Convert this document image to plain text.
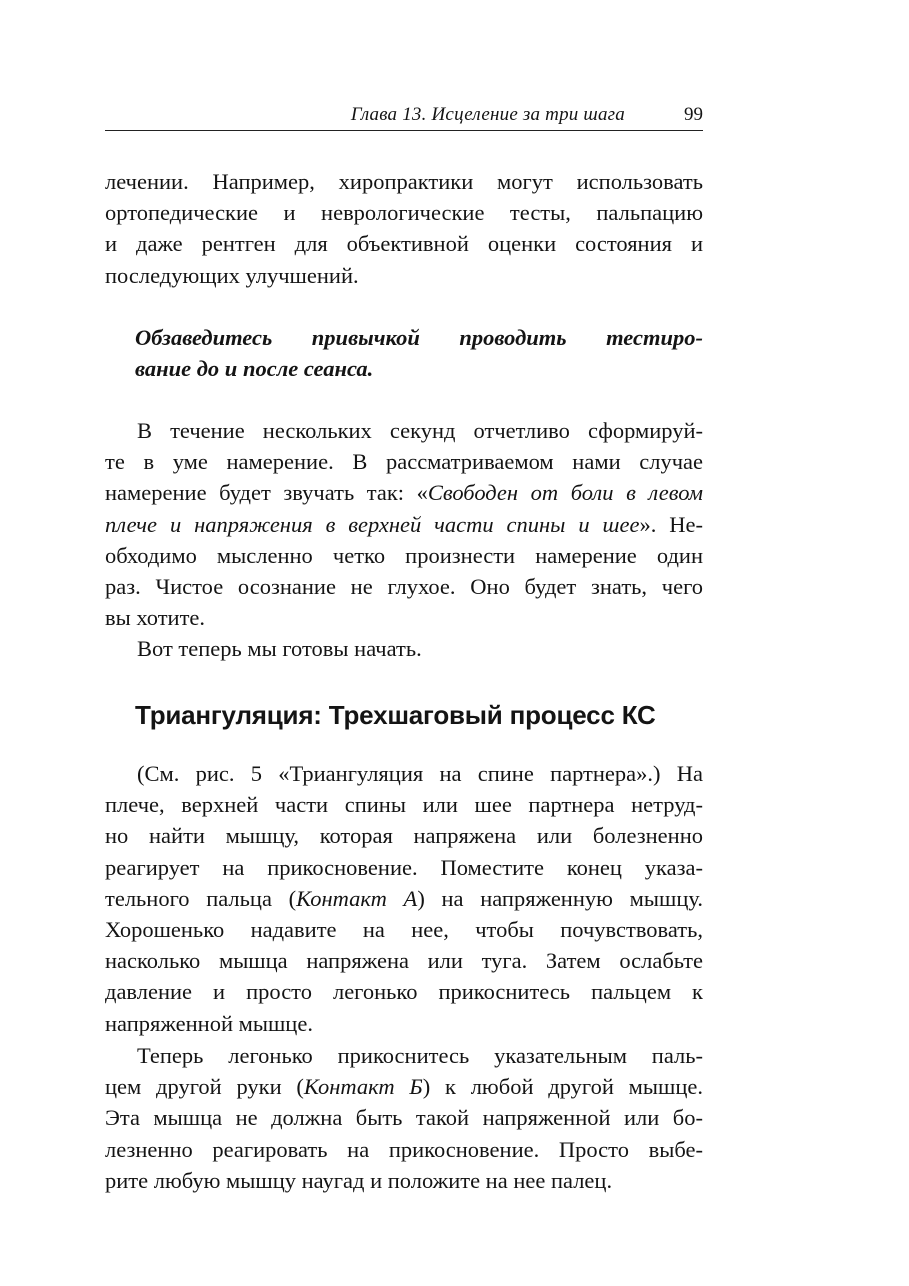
Глава 13. Исцеление за три шага	99
лечении. Например, хиропрактики могут использовать
ортопедические и неврологические тесты, пальпацию
и даже рентген для объективной оценки состояния и
последующих улучшений.
Обзаведитесь привычкой проводить тестиро-
вание до и после сеанса.
В течение нескольких секунд отчетливо сформируй-
те в уме намерение. В рассматриваемом нами случае
намерение будет звучать так: «Свободен от боли в левом
плече и напряжения в верхней части спины и шее». Не-
обходимо мысленно четко произнести намерение один
раз. Чистое осознание не глухое. Оно будет знать, чего
вы хотите.
Вот теперь мы готовы начать.
Триангуляция: Трехшаговый процесс КС
(См. рис. 5 «Триангуляция на спине партнера».) На
плече, верхней части спины или шее партнера нетруд-
но найти мышцу, которая напряжена или болезненно
реагирует на прикосновение. Поместите конец указа-
тельного пальца (Контакт А) на напряженную мышцу.
Хорошенько надавите на нее, чтобы почувствовать,
насколько мышца напряжена или туга. Затем ослабьте
давление и просто легонько прикоснитесь пальцем к
напряженной мышце.
Теперь легонько прикоснитесь указательным паль-
цем другой руки (Контакт Б) к любой другой мышце.
Эта мышца не должна быть такой напряженной или бо-
лезненно реагировать на прикосновение. Просто выбе-
рите любую мышцу наугад и положите на нее палец.
